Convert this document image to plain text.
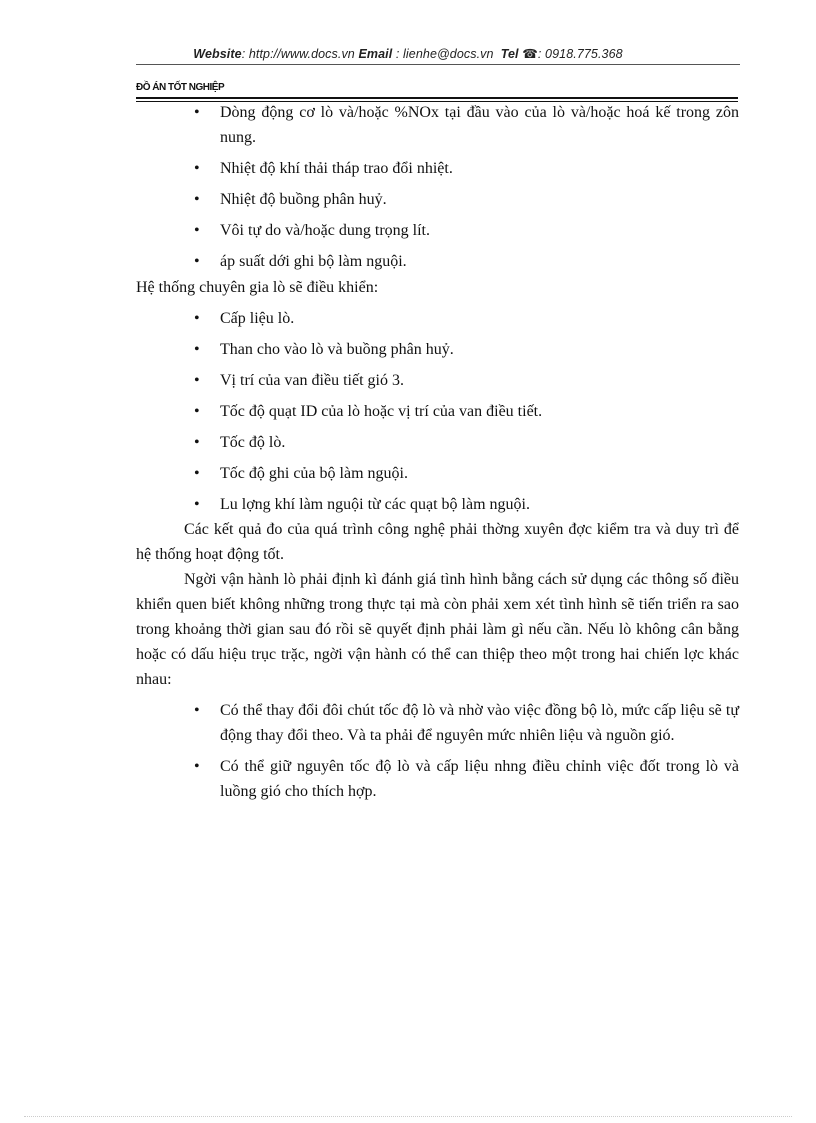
Website: http://www.docs.vn Email : lienhe@docs.vn Tel ☎: 0918.775.368
ĐỒ ÁN TỐT NGHIỆP
• Dòng động cơ lò và/hoặc %NOx tại đầu vào của lò và/hoặc hoá kế trong zôn nung.
• Nhiệt độ khí thải tháp trao đổi nhiệt.
• Nhiệt độ buồng phân huỷ.
• Vôi tự do và/hoặc dung trọng lít.
• áp suất dới ghi bộ làm nguội.
Hệ thống chuyên gia lò sẽ điều khiển:
• Cấp liệu lò.
• Than cho vào lò và buồng phân huỷ.
• Vị trí của van điều tiết gió 3.
• Tốc độ quạt ID của lò hoặc vị trí của van điều tiết.
• Tốc độ lò.
• Tốc độ ghi của bộ làm nguội.
• Lu lợng khí làm nguội từ các quạt bộ làm nguội.
Các kết quả đo của quá trình công nghệ phải thờng xuyên đợc kiểm tra và duy trì để hệ thống hoạt động tốt.
Ngời vận hành lò phải định kì đánh giá tình hình bằng cách sử dụng các thông số điều khiển quen biết không những trong thực tại mà còn phải xem xét tình hình sẽ tiến triển ra sao trong khoảng thời gian sau đó rồi sẽ quyết định phải làm gì nếu cần. Nếu lò không cân bằng hoặc có dấu hiệu trục trặc, ngời vận hành có thể can thiệp theo một trong hai chiến lợc khác nhau:
• Có thể thay đổi đôi chút tốc độ lò và nhờ vào việc đồng bộ lò, mức cấp liệu sẽ tự động thay đổi theo. Và ta phải để nguyên mức nhiên liệu và nguồn gió.
• Có thể giữ nguyên tốc độ lò và cấp liệu nhng điều chỉnh việc đốt trong lò và luồng gió cho thích hợp.
